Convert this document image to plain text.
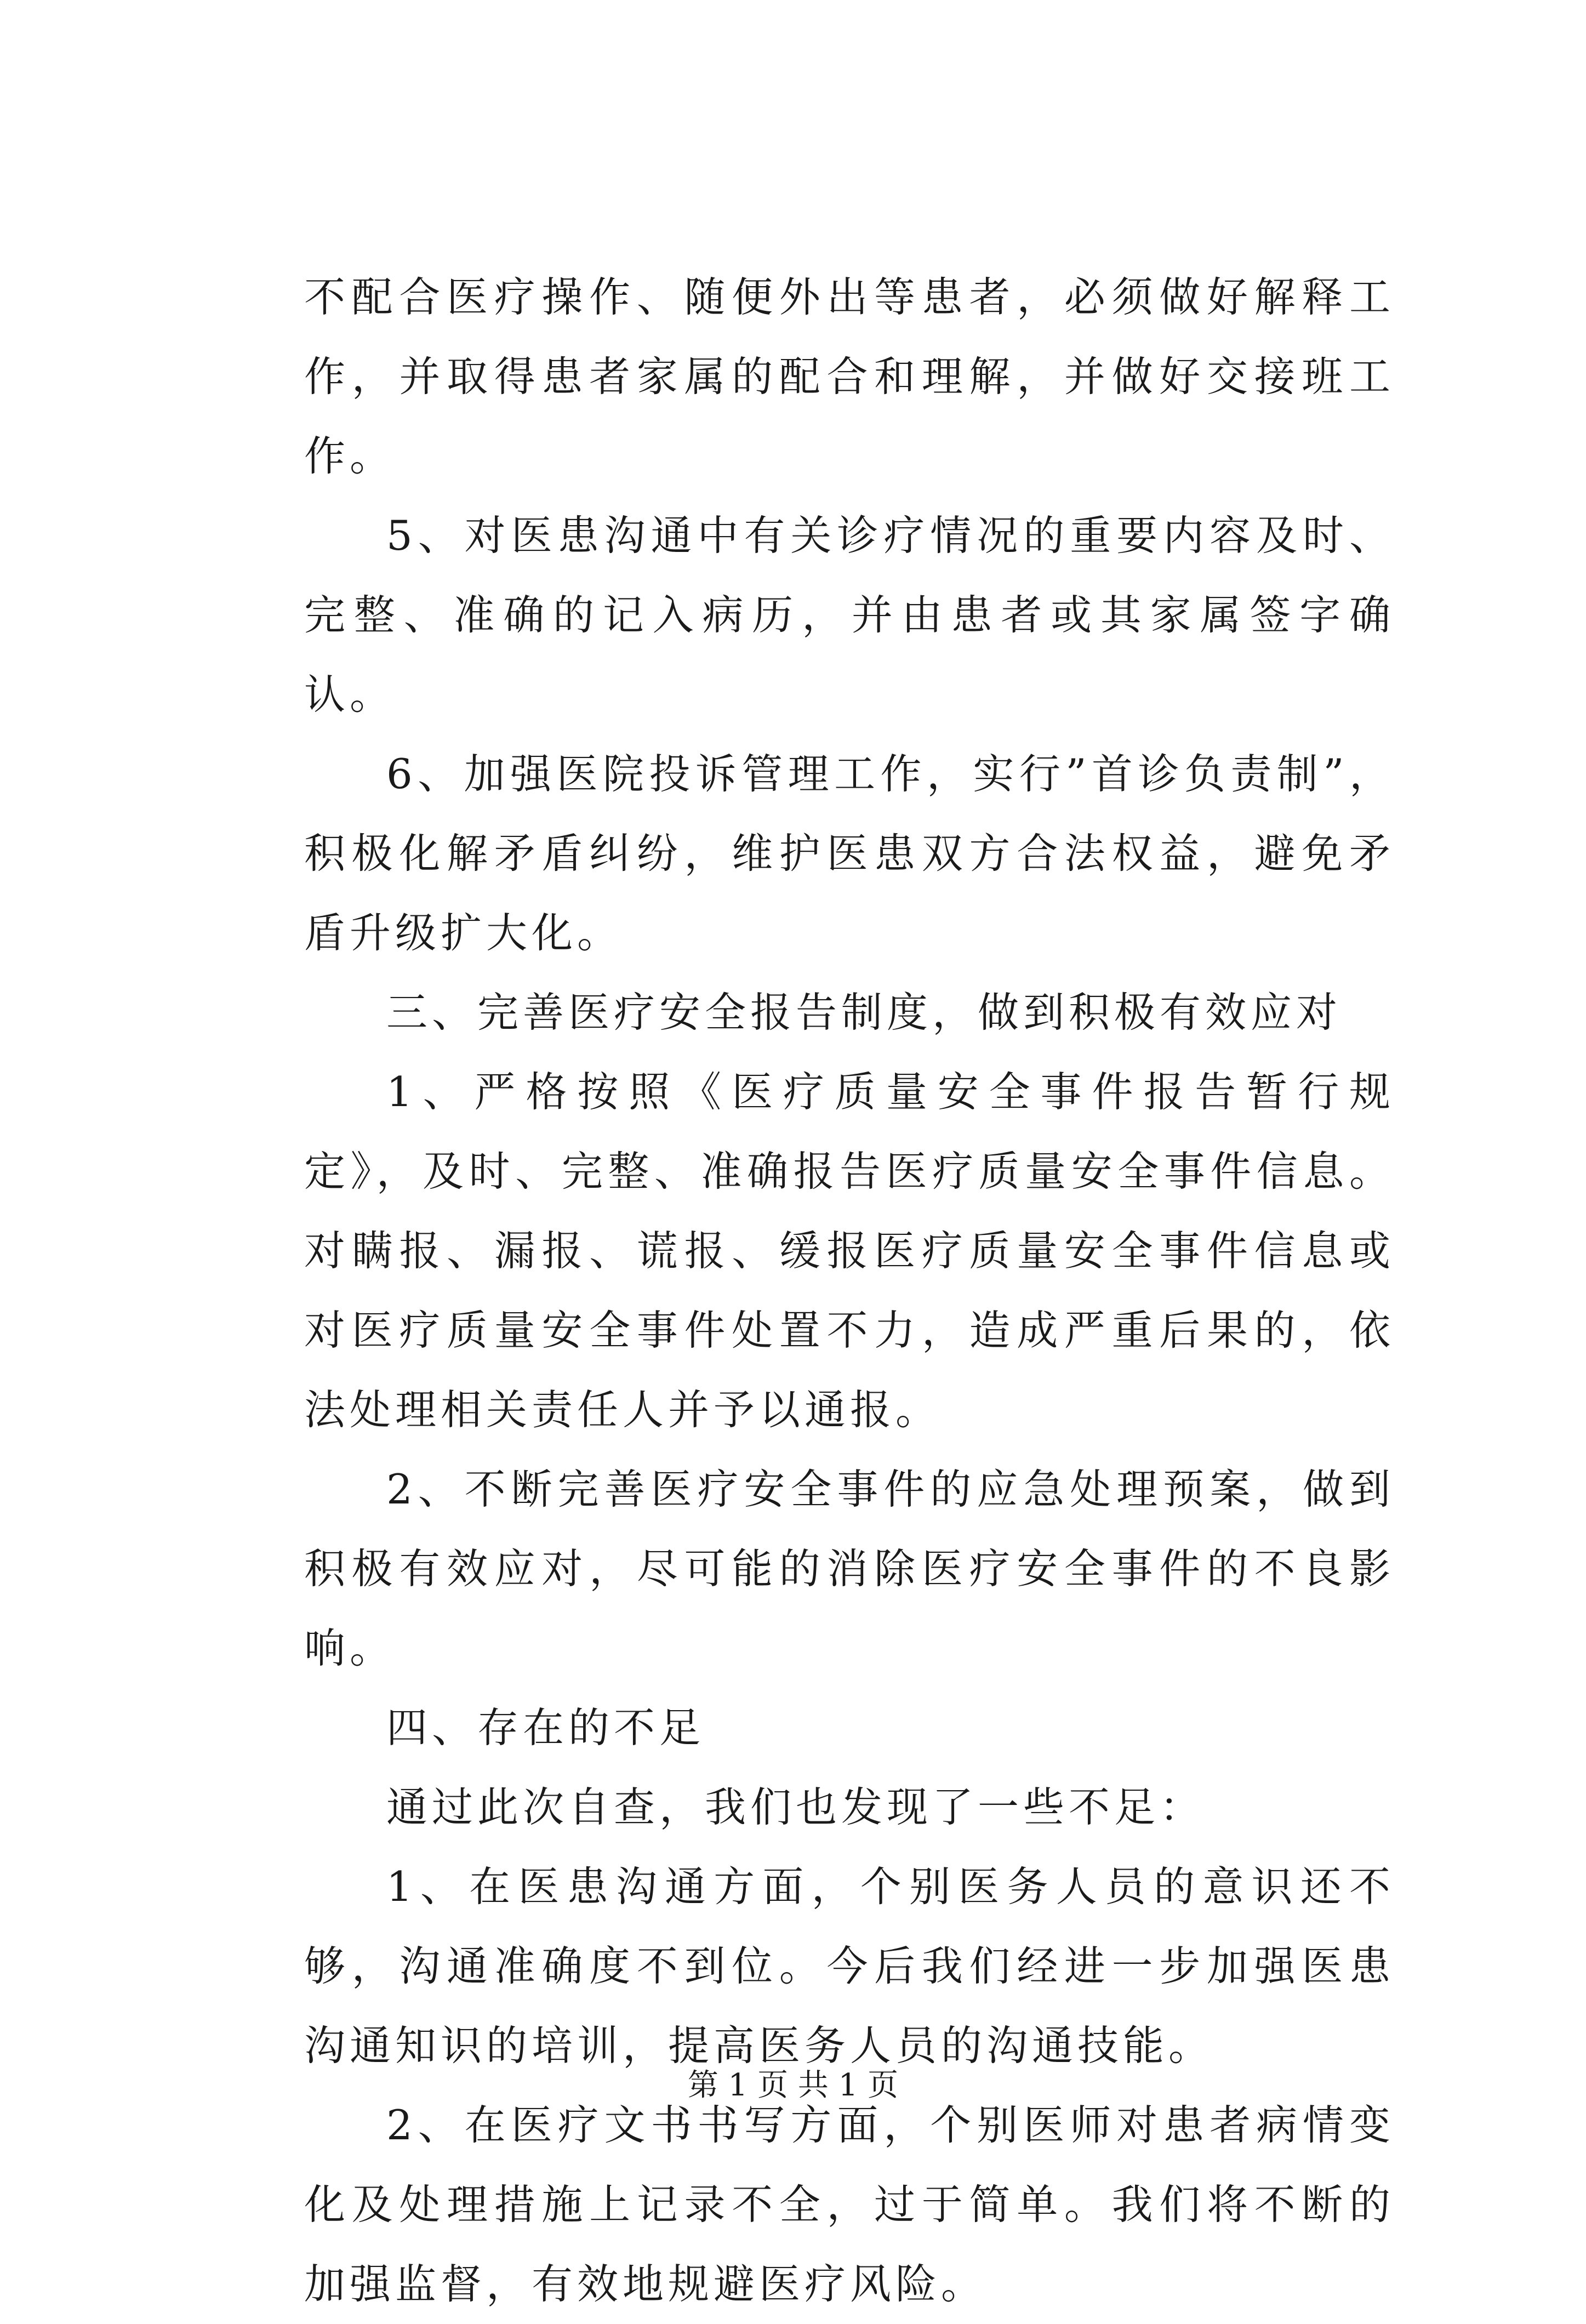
不配合医疗操作、随便外出等患者，必须做好解释工作，并取得患者家属的配合和理解，并做好交接班工作。

5、对医患沟通中有关诊疗情况的重要内容及时、完整、准确的记入病历，并由患者或其家属签字确认。

6、加强医院投诉管理工作，实行”首诊负责制”，积极化解矛盾纠纷，维护医患双方合法权益，避免矛盾升级扩大化。

三、完善医疗安全报告制度，做到积极有效应对

1、严格按照《医疗质量安全事件报告暂行规定》，及时、完整、准确报告医疗质量安全事件信息。对瞒报、漏报、谎报、缓报医疗质量安全事件信息或对医疗质量安全事件处置不力，造成严重后果的，依法处理相关责任人并予以通报。

2、不断完善医疗安全事件的应急处理预案，做到积极有效应对，尽可能的消除医疗安全事件的不良影响。

四、存在的不足

通过此次自查，我们也发现了一些不足：

1、在医患沟通方面，个别医务人员的意识还不够，沟通准确度不到位。今后我们经进一步加强医患沟通知识的培训，提高医务人员的沟通技能。

2、在医疗文书书写方面，个别医师对患者病情变化及处理措施上记录不全，过于简单。我们将不断的加强监督，有效地规避医疗风险。

第 1 页 共 1 页
